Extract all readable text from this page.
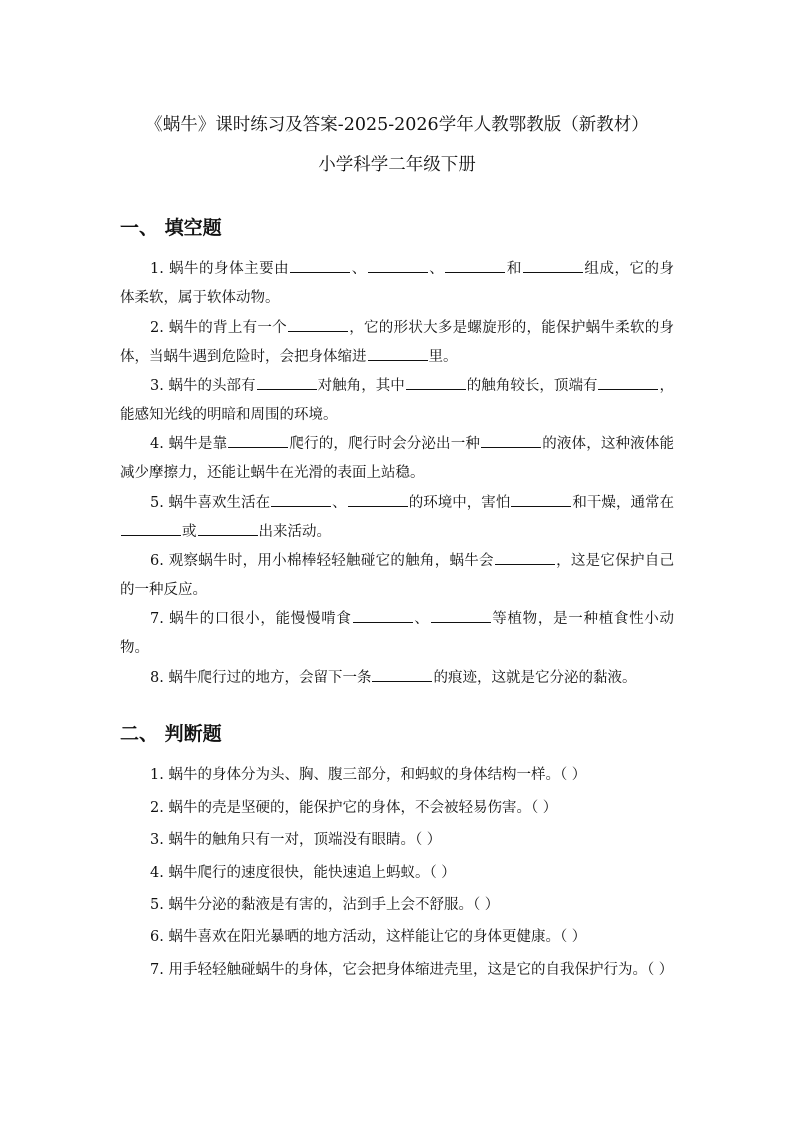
《蜗牛》课时练习及答案-2025-2026学年人教鄂教版（新教材）
小学科学二年级下册
一、 填空题
1. 蜗牛的身体主要由	、	、	和	组成，它的身体柔软，属于软体动物。
2. 蜗牛的背上有一个	，它的形状大多是螺旋形的，能保护蜗牛柔软的身体，当蜗牛遇到危险时，会把身体缩进	里。
3. 蜗牛的头部有	对触角，其中	的触角较长，顶端有	，能感知光线的明暗和周围的环境。
4. 蜗牛是靠	爬行的，爬行时会分泌出一种	的液体，这种液体能减少摩擦力，还能让蜗牛在光滑的表面上站稳。
5. 蜗牛喜欢生活在	、	的环境中，害怕	和干燥，通常在或	出来活动。
6. 观察蜗牛时，用小棉棒轻轻触碰它的触角，蜗牛会	，这是它保护自己的一种反应。
7. 蜗牛的口很小，能慢慢啃食	、	等植物，是一种植食性小动物。
8. 蜗牛爬行过的地方，会留下一条	的痕迹，这就是它分泌的黏液。
二、 判断题
1. 蜗牛的身体分为头、胸、腹三部分，和蚂蚁的身体结构一样。（ ）
2. 蜗牛的壳是坚硬的，能保护它的身体，不会被轻易伤害。（ ）
3. 蜗牛的触角只有一对，顶端没有眼睛。（ ）
4. 蜗牛爬行的速度很快，能快速追上蚂蚁。（ ）
5. 蜗牛分泌的黏液是有害的，沾到手上会不舒服。（ ）
6. 蜗牛喜欢在阳光暴晒的地方活动，这样能让它的身体更健康。（ ）
7. 用手轻轻触碰蜗牛的身体，它会把身体缩进壳里，这是它的自我保护行为。（ ）
